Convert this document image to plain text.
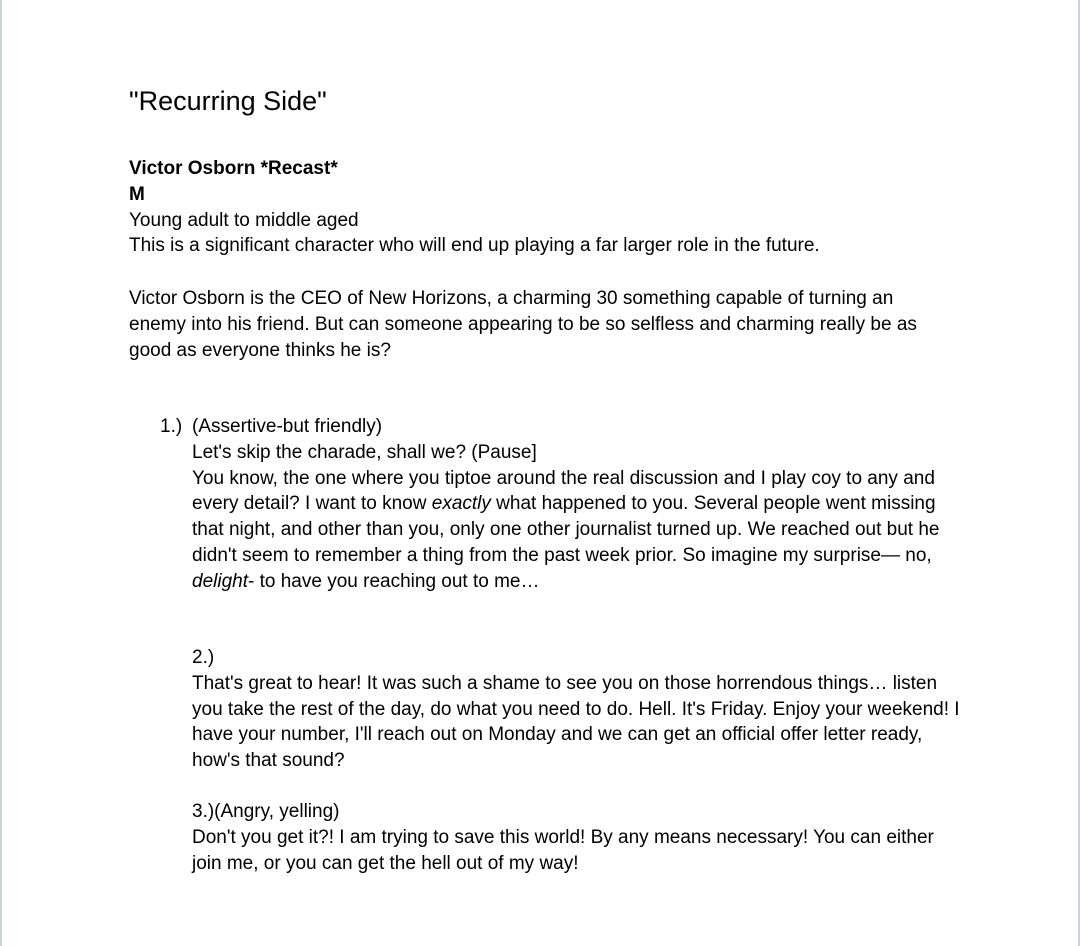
"Recurring Side"
Victor Osborn *Recast*
M
Young adult to middle aged
This is a significant character who will end up playing a far larger role in the future.
Victor Osborn is the CEO of New Horizons, a charming 30 something capable of turning an enemy into his friend. But can someone appearing to be so selfless and charming really be as good as everyone thinks he is?
1.) (Assertive-but friendly)
Let's skip the charade, shall we? (Pause]
You know, the one where you tiptoe around the real discussion and I play coy to any and every detail? I want to know exactly what happened to you. Several people went missing that night, and other than you, only one other journalist turned up. We reached out but he didn't seem to remember a thing from the past week prior. So imagine my surprise— no, delight- to have you reaching out to me…
2.)
That's great to hear! It was such a shame to see you on those horrendous things… listen you take the rest of the day, do what you need to do. Hell. It's Friday. Enjoy your weekend! I have your number, I'll reach out on Monday and we can get an official offer letter ready, how's that sound?
3.)(Angry, yelling)
Don't you get it?! I am trying to save this world! By any means necessary! You can either join me, or you can get the hell out of my way!
